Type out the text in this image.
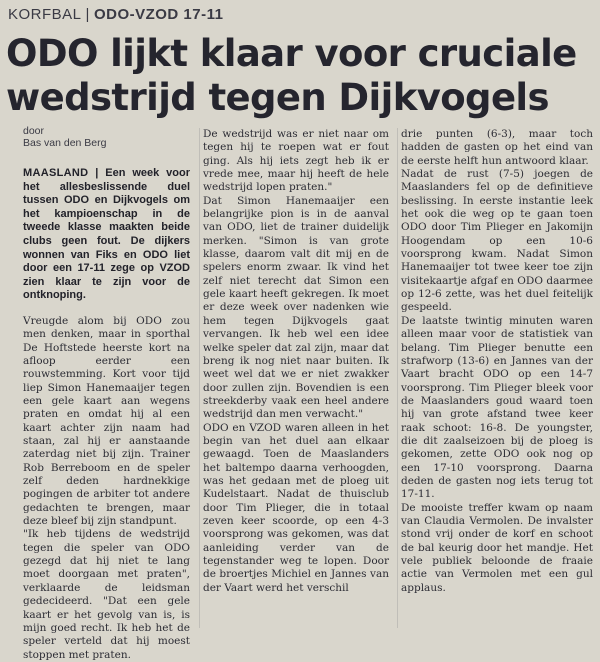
KORFBAL | ODO-VZOD 17-11
ODO lijkt klaar voor cruciale
wedstrijd tegen Dijkvogels
door
Bas van den Berg

MAASLAND | Een week voor het allesbeslissende duel tussen ODO en Dijkvogels om het kampioenschap in de tweede klasse maakten beide clubs geen fout. De dijkers wonnen van Fiks en ODO liet door een 17-11 zege op VZOD zien klaar te zijn voor de ontknoping.

Vreugde alom bij ODO zou men denken, maar in sporthal De Hoftstede heerste kort na afloop eerder een rouwstemming. Kort voor tijd liep Simon Hanemaaijer tegen een gele kaart aan wegens praten en omdat hij al een kaart achter zijn naam had staan, zal hij er aanstaande zaterdag niet bij zijn. Trainer Rob Berreboom en de speler zelf deden hardnekkige pogingen de arbiter tot andere gedachten te brengen, maar deze bleef bij zijn standpunt.

"Ik heb tijdens de wedstrijd tegen die speler van ODO gezegd dat hij niet te lang moet doorgaan met praten", verklaarde de leidsman gedecideerd. "Dat een gele kaart er het gevolg van is, is mijn goed recht. Ik heb het de speler verteld dat hij moest stoppen met praten.

De wedstrijd was er niet naar om tegen hij te roepen wat er fout ging. Als hij iets zegt heb ik er vrede mee, maar hij heeft de hele wedstrijd lopen praten."

Dat Simon Hanemaaijer een belangrijke pion is in de aanval van ODO, liet de trainer duidelijk merken. "Simon is van grote klasse, daarom valt dit mij en de spelers enorm zwaar. Ik vind het zelf niet terecht dat Simon een gele kaart heeft gekregen. Ik moet er deze week over nadenken wie hem tegen Dijkvogels gaat vervangen. Ik heb wel een idee welke speler dat zal zijn, maar dat breng ik nog niet naar buiten. Ik weet wel dat we er niet zwakker door zullen zijn. Bovendien is een streekderby vaak een heel andere wedstrijd dan men verwacht."

ODO en VZOD waren alleen in het begin van het duel aan elkaar gewaagd. Toen de Maaslanders het baltempo daarna verhoogden, was het gedaan met de ploeg uit Kudelstaart. Nadat de thuisclub door Tim Plieger, die in totaal zeven keer scoorde, op een 4-3 voorsprong was gekomen, was dat aanleiding verder van de tegenstander weg te lopen. Door de broertjes Michiel en Jannes van der Vaart werd het verschil

drie punten (6-3), maar toch hadden de gasten op het eind van de eerste helft hun antwoord klaar.

Nadat de rust (7-5) joegen de Maaslanders fel op de definitieve beslissing. In eerste instantie leek het ook die weg op te gaan toen ODO door Tim Plieger en Jakomijn Hoogendam op een 10-6 voorsprong kwam. Nadat Simon Hanemaaijer tot twee keer toe zijn visitekaartje afgaf en ODO daarmee op 12-6 zette, was het duel feitelijk gespeeld.

De laatste twintig minuten waren alleen maar voor de statistiek van belang. Tim Plieger benutte een strafworp (13-6) en Jannes van der Vaart bracht ODO op een 14-7 voorsprong. Tim Plieger bleek voor de Maaslanders goud waard toen hij van grote afstand twee keer raak schoot: 16-8. De youngster, die dit zaalseizoen bij de ploeg is gekomen, zette ODO ook nog op een 17-10 voorsprong. Daarna deden de gasten nog iets terug tot 17-11.

De mooiste treffer kwam op naam van Claudia Vermolen. De invalster stond vrij onder de korf en schoot de bal keurig door het mandje. Het vele publiek beloonde de fraaie actie van Vermolen met een gul applaus.
